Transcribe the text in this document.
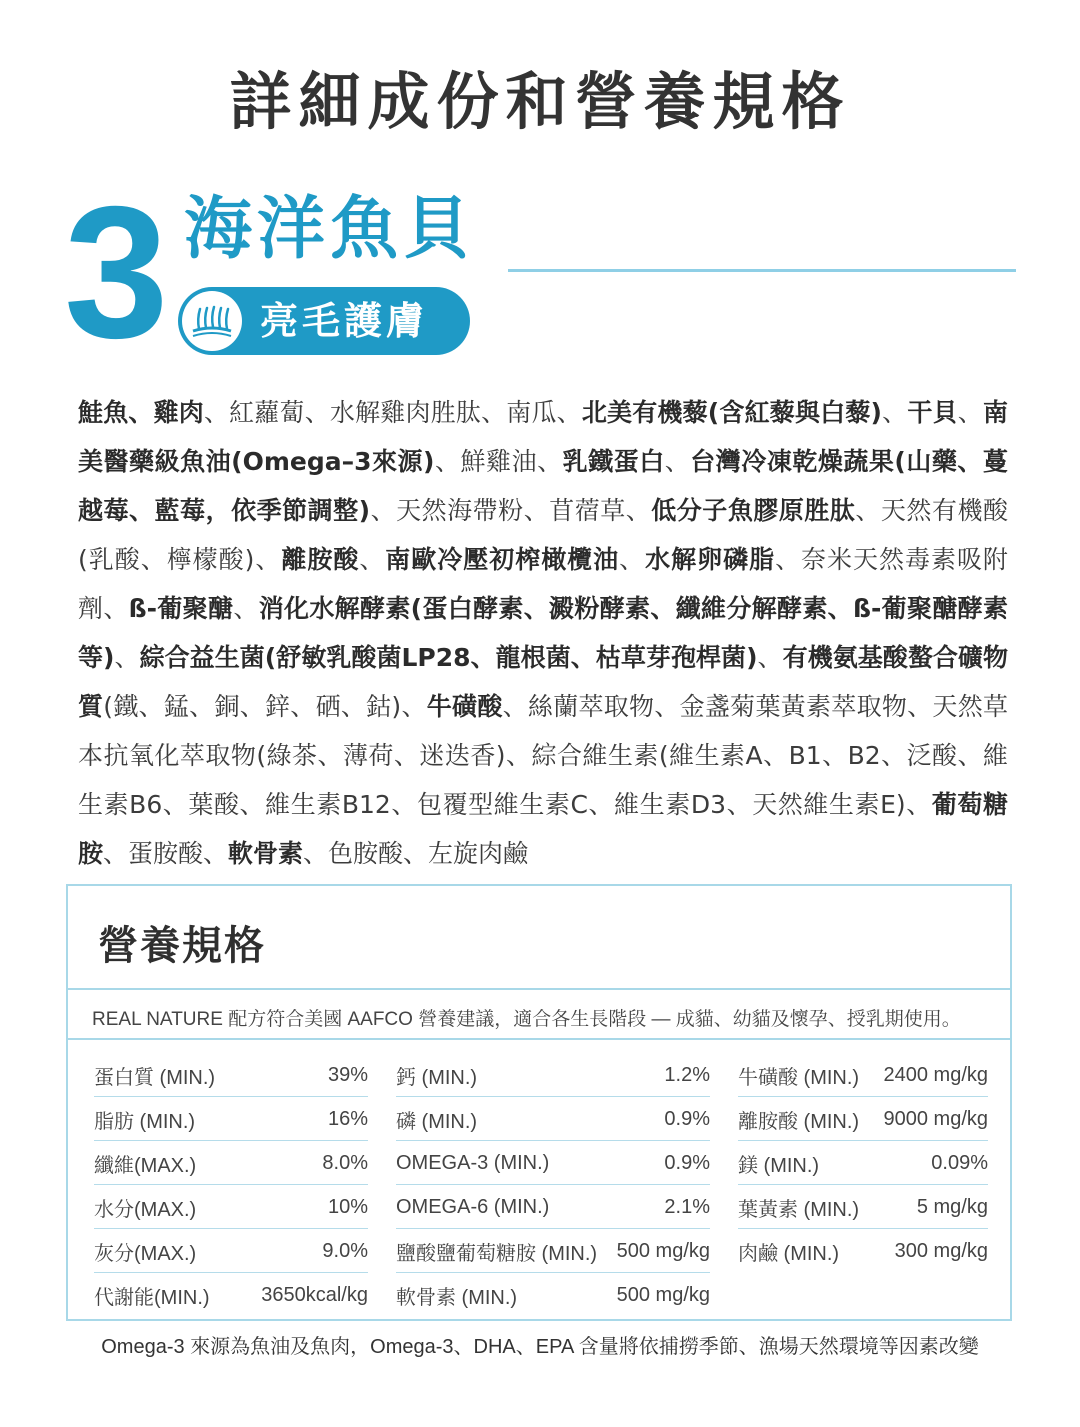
詳細成份和營養規格
3 海洋魚貝
亮毛護膚
鮭魚、雞肉、紅蘿蔔、水解雞肉胜肽、南瓜、北美有機藜(含紅藜與白藜)、干貝、南美醫藥級魚油(Omega–3來源)、鮮雞油、乳鐵蛋白、台灣冷凍乾燥蔬果(山藥、蔓越莓、藍莓，依季節調整)、天然海帶粉、苜蓿草、低分子魚膠原胜肽、天然有機酸(乳酸、檸檬酸)、離胺酸、南歐冷壓初榨橄欖油、水解卵磷脂、奈米天然毒素吸附劑、ß-葡聚醣、消化水解酵素(蛋白酵素、澱粉酵素、纖維分解酵素、ß-葡聚醣酵素等)、綜合益生菌(舒敏乳酸菌LP28、龍根菌、枯草芽孢桿菌)、有機氨基酸螯合礦物質(鐵、錳、銅、鋅、硒、鈷)、牛磺酸、絲蘭萃取物、金盞菊葉黃素萃取物、天然草本抗氧化萃取物(綠茶、薄荷、迷迭香)、綜合維生素(維生素A、B1、B2、泛酸、維生素B6、葉酸、維生素B12、包覆型維生素C、維生素D3、天然維生素E)、葡萄糖胺、蛋胺酸、軟骨素、色胺酸、左旋肉鹼
營養規格
REAL NATURE 配方符合美國 AAFCO 營養建議，適合各生長階段 — 成貓、幼貓及懷孕、授乳期使用。
蛋白質 (MIN.)	39%
脂肪 (MIN.)	16%
纖維(MAX.)	8.0%
水分(MAX.)	10%
灰分(MAX.)	9.0%
代謝能(MIN.)	3650kcal/kg
鈣 (MIN.)	1.2%
磷 (MIN.)	0.9%
OMEGA-3 (MIN.)	0.9%
OMEGA-6 (MIN.)	2.1%
鹽酸鹽葡萄糖胺 (MIN.) 500 mg/kg
軟骨素 (MIN.)	500 mg/kg
牛磺酸 (MIN.) 2400 mg/kg
離胺酸 (MIN.) 9000 mg/kg
鎂 (MIN.)	0.09%
葉黃素 (MIN.)	5 mg/kg
肉鹼 (MIN.)	300 mg/kg
Omega-3 來源為魚油及魚肉，Omega-3、DHA、EPA 含量將依捕撈季節、漁場天然環境等因素改變
